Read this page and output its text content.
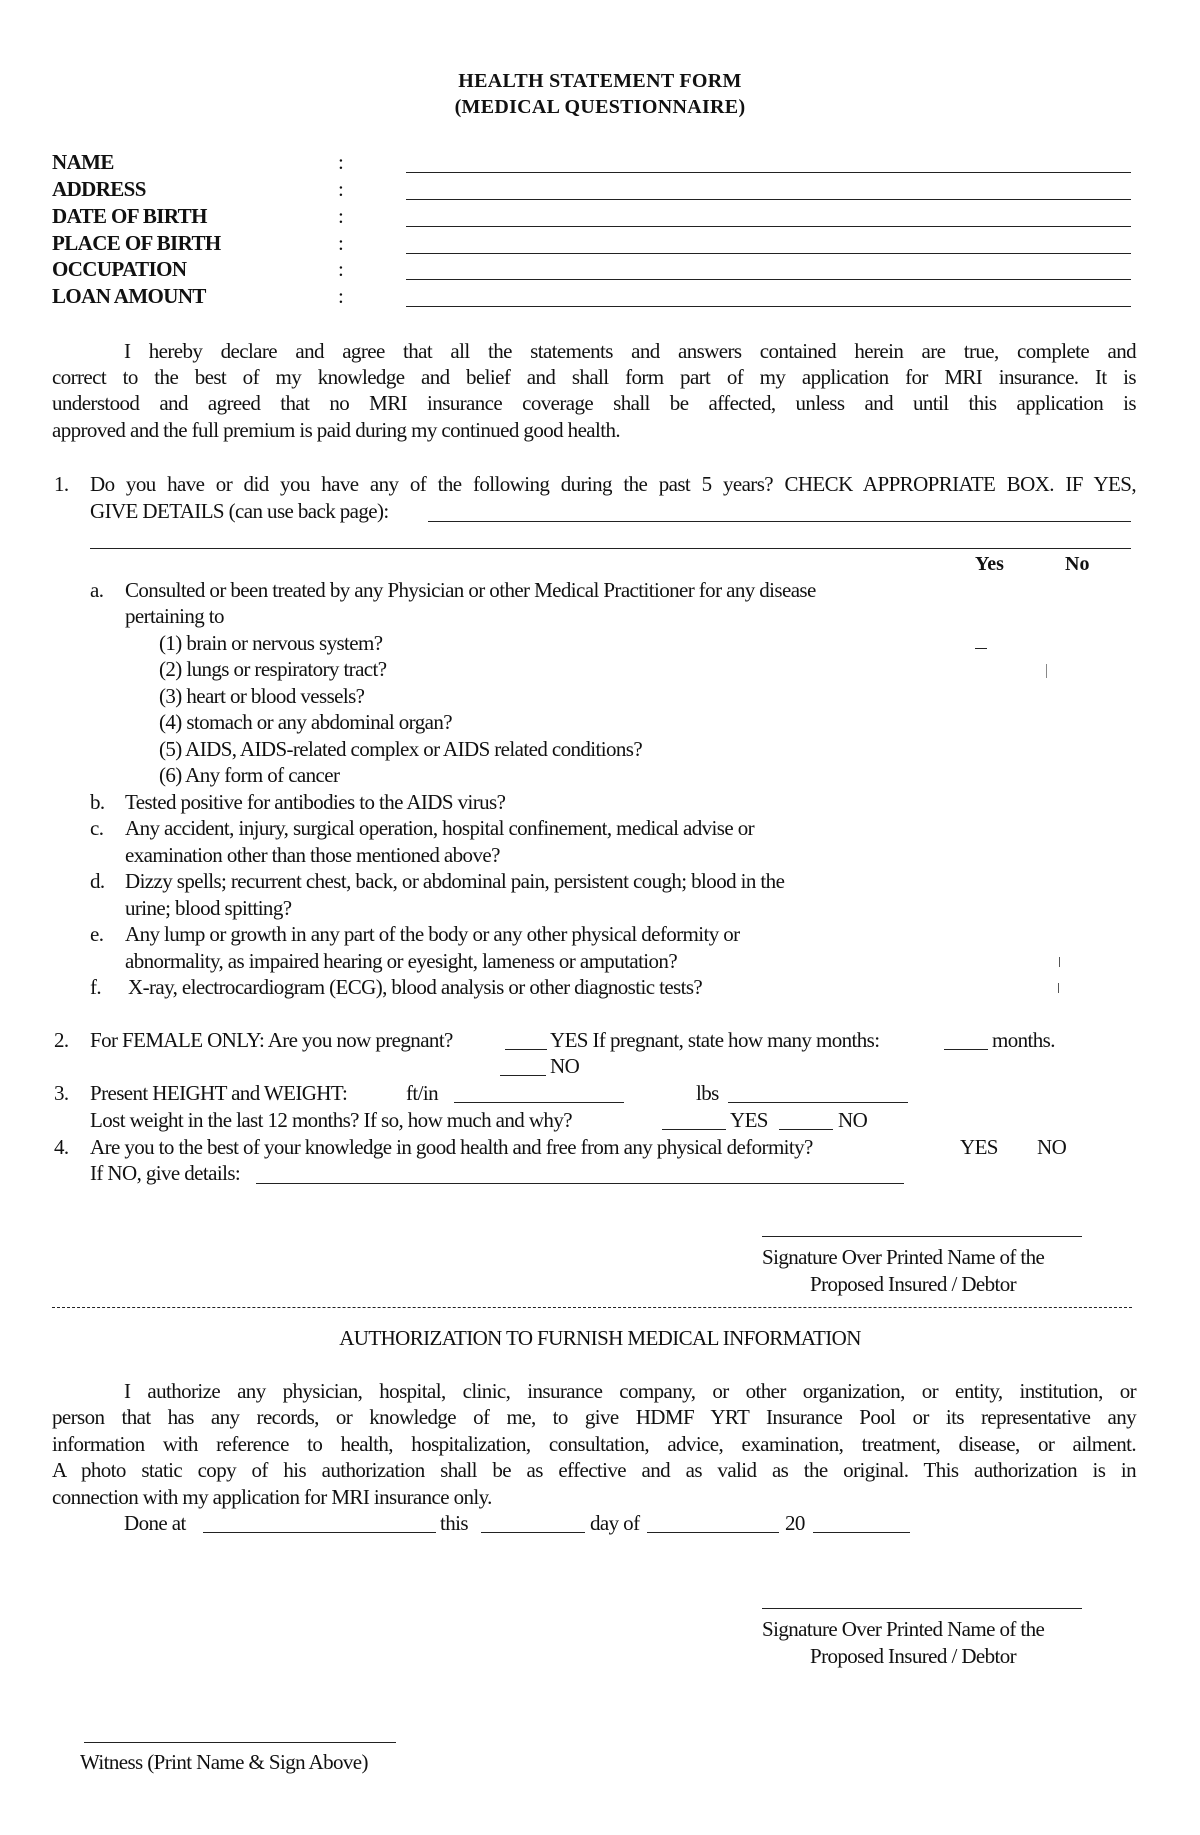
HEALTH STATEMENT FORM
(MEDICAL QUESTIONNAIRE)
NAME	:
ADDRESS	:
DATE OF BIRTH	:
PLACE OF BIRTH	:
OCCUPATION	:
LOAN AMOUNT	:
I hereby declare and agree that all the statements and answers contained herein are true, complete and
correct to the best of my knowledge and belief and shall form part of my application for MRI insurance. It is
understood and agreed that no MRI insurance coverage shall be affected, unless and until this application is
approved and the full premium is paid during my continued good health.
1. Do you have or did you have any of the following during the past 5 years? CHECK APPROPRIATE BOX. IF YES,
GIVE DETAILS (can use back page):
Yes	No
a. Consulted or been treated by any Physician or other Medical Practitioner for any disease
pertaining to
(1) brain or nervous system?
(2) lungs or respiratory tract?
(3) heart or blood vessels?
(4) stomach or any abdominal organ?
(5) AIDS, AIDS-related complex or AIDS related conditions?
(6) Any form of cancer
b. Tested positive for antibodies to the AIDS virus?
c. Any accident, injury, surgical operation, hospital confinement, medical advise or
examination other than those mentioned above?
d. Dizzy spells; recurrent chest, back, or abdominal pain, persistent cough; blood in the
urine; blood spitting?
e. Any lump or growth in any part of the body or any other physical deformity or
abnormality, as impaired hearing or eyesight, lameness or amputation?
f. X-ray, electrocardiogram (ECG), blood analysis or other diagnostic tests?
2. For FEMALE ONLY: Are you now pregnant?	YES If pregnant, state how many months:	months.
NO
3. Present HEIGHT and WEIGHT:	ft/in	lbs
Lost weight in the last 12 months? If so, how much and why?	YES	NO
4. Are you to the best of your knowledge in good health and free from any physical deformity?	YES NO
If NO, give details:
Signature Over Printed Name of the
Proposed Insured / Debtor
AUTHORIZATION TO FURNISH MEDICAL INFORMATION
I authorize any physician, hospital, clinic, insurance company, or other organization, or entity, institution, or
person that has any records, or knowledge of me, to give HDMF YRT Insurance Pool or its representative any
information with reference to health, hospitalization, consultation, advice, examination, treatment, disease, or ailment.
A photo static copy of his authorization shall be as effective and as valid as the original. This authorization is in
connection with my application for MRI insurance only.
Done at	this	day of	20
Signature Over Printed Name of the
Proposed Insured / Debtor
Witness (Print Name & Sign Above)
